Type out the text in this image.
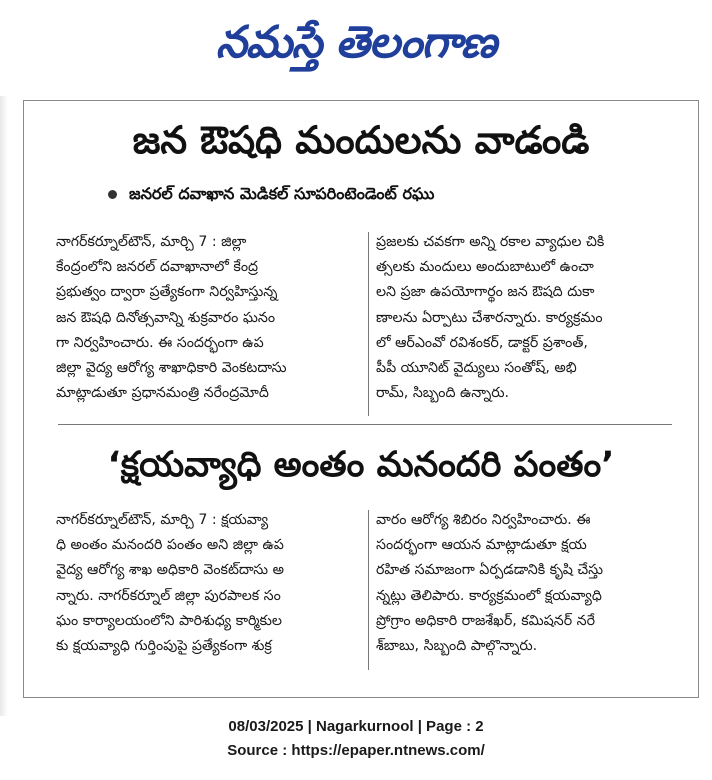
నమస్తే తెలంగాణ
జన ఔషధి మందులను వాడండి
జనరల్ దవాఖాన మెడికల్ సూపరింటెండెంట్ రఘు
నాగర్‌కర్నూల్‌టౌన్, మార్చి 7 : జిల్లా
కేంద్రంలోని జనరల్ దవాఖానాలో కేంద్ర
ప్రభుత్వం ద్వారా ప్రత్యేకంగా నిర్వహిస్తున్న
జన ఔషధి దినోత్సవాన్ని శుక్రవారం ఘనం
గా నిర్వహించారు. ఈ సందర్భంగా ఉప
జిల్లా వైద్య ఆరోగ్య శాఖాధికారి వెంకటదాసు
మాట్లాడుతూ ప్రధానమంత్రి నరేంద్రమోదీ
ప్రజలకు చవకగా అన్ని రకాల వ్యాధుల చికి
త్సలకు మందులు అందుబాటులో ఉంచా
లని ప్రజా ఉపయోగార్థం జన ఔషది దుకా
ణాలను ఏర్పాటు చేశారన్నారు. కార్యక్రమం
లో ఆర్ఎంవో రవిశంకర్, డాక్టర్ ప్రశాంత్,
పీపీ యూనిట్ వైద్యులు సంతోష్, అభి
రామ్, సిబ్బంది ఉన్నారు.
‘క్షయవ్యాధి అంతం మనందరి పంతం’
నాగర్‌కర్నూల్‌టౌన్, మార్చి 7 : క్షయవ్యా
ధి అంతం మనందరి పంతం అని జిల్లా ఉప
వైద్య ఆరోగ్య శాఖ అధికారి వెంకట్‌దాసు అ
న్నారు. నాగర్‌కర్నూల్ జిల్లా పురపాలక సం
ఘం కార్యాలయంలోని పారిశుధ్య కార్మికుల
కు క్షయవ్యాధి గుర్తింపుపై ప్రత్యేకంగా శుక్ర
వారం ఆరోగ్య శిబిరం నిర్వహించారు. ఈ
సందర్భంగా ఆయన మాట్లాడుతూ క్షయ
రహిత సమాజంగా ఏర్పడడానికి కృషి చేస్తు
న్నట్లు తెలిపారు. కార్యక్రమంలో క్షయవ్యాధి
ప్రోగ్రాం అధికారి రాజశేఖర్, కమిషనర్ నరే
శ్‌బాబు, సిబ్బంది పాల్గొన్నారు.
08/03/2025 | Nagarkurnool | Page : 2
Source : https://epaper.ntnews.com/
